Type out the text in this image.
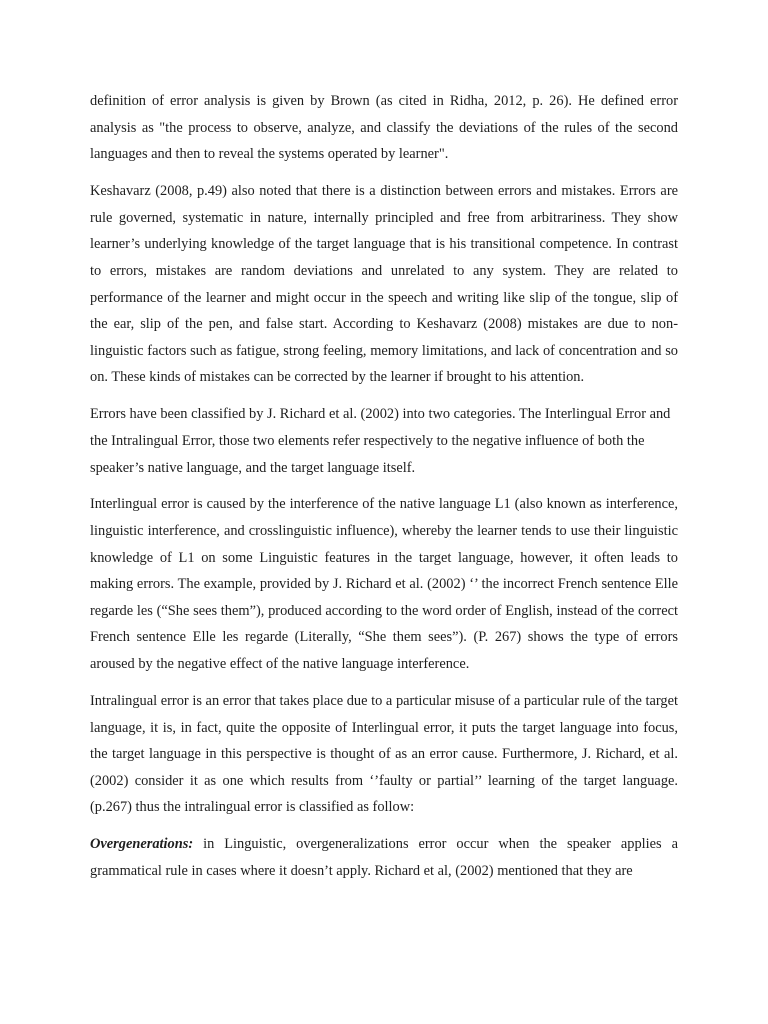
definition of error analysis is given by Brown (as cited in Ridha, 2012, p. 26). He defined error analysis as "the process to observe, analyze, and classify the deviations of the rules of the second languages and then to reveal the systems operated by learner".

Keshavarz (2008, p.49) also noted that there is a distinction between errors and mistakes. Errors are rule governed, systematic in nature, internally principled and free from arbitrariness. They show learner’s underlying knowledge of the target language that is his transitional competence. In contrast to errors, mistakes are random deviations and unrelated to any system. They are related to performance of the learner and might occur in the speech and writing like slip of the tongue, slip of the ear, slip of the pen, and false start. According to Keshavarz (2008) mistakes are due to non-linguistic factors such as fatigue, strong feeling, memory limitations, and lack of concentration and so on. These kinds of mistakes can be corrected by the learner if brought to his attention.

Errors have been classified by J. Richard et al. (2002) into two categories. The Interlingual Error and the Intralingual Error, those two elements refer respectively to the negative influence of both the speaker’s native language, and the target language itself.

Interlingual error is caused by the interference of the native language L1 (also known as interference, linguistic interference, and crosslinguistic influence), whereby the learner tends to use their linguistic knowledge of L1 on some Linguistic features in the target language, however, it often leads to making errors. The example, provided by J. Richard et al. (2002) ‘’ the incorrect French sentence Elle regarde les (“She sees them”), produced according to the word order of English, instead of the correct French sentence Elle les regarde (Literally, “She them sees”). (P. 267) shows the type of errors aroused by the negative effect of the native language interference.

Intralingual error is an error that takes place due to a particular misuse of a particular rule of the target language, it is, in fact, quite the opposite of Interlingual error, it puts the target language into focus, the target language in this perspective is thought of as an error cause. Furthermore, J. Richard, et al. (2002) consider it as one which results from ‘’faulty or partial’’ learning of the target language. (p.267) thus the intralingual error is classified as follow:

Overgenerations: in Linguistic, overgeneralizations error occur when the speaker applies a grammatical rule in cases where it doesn’t apply. Richard et al, (2002) mentioned that they are
